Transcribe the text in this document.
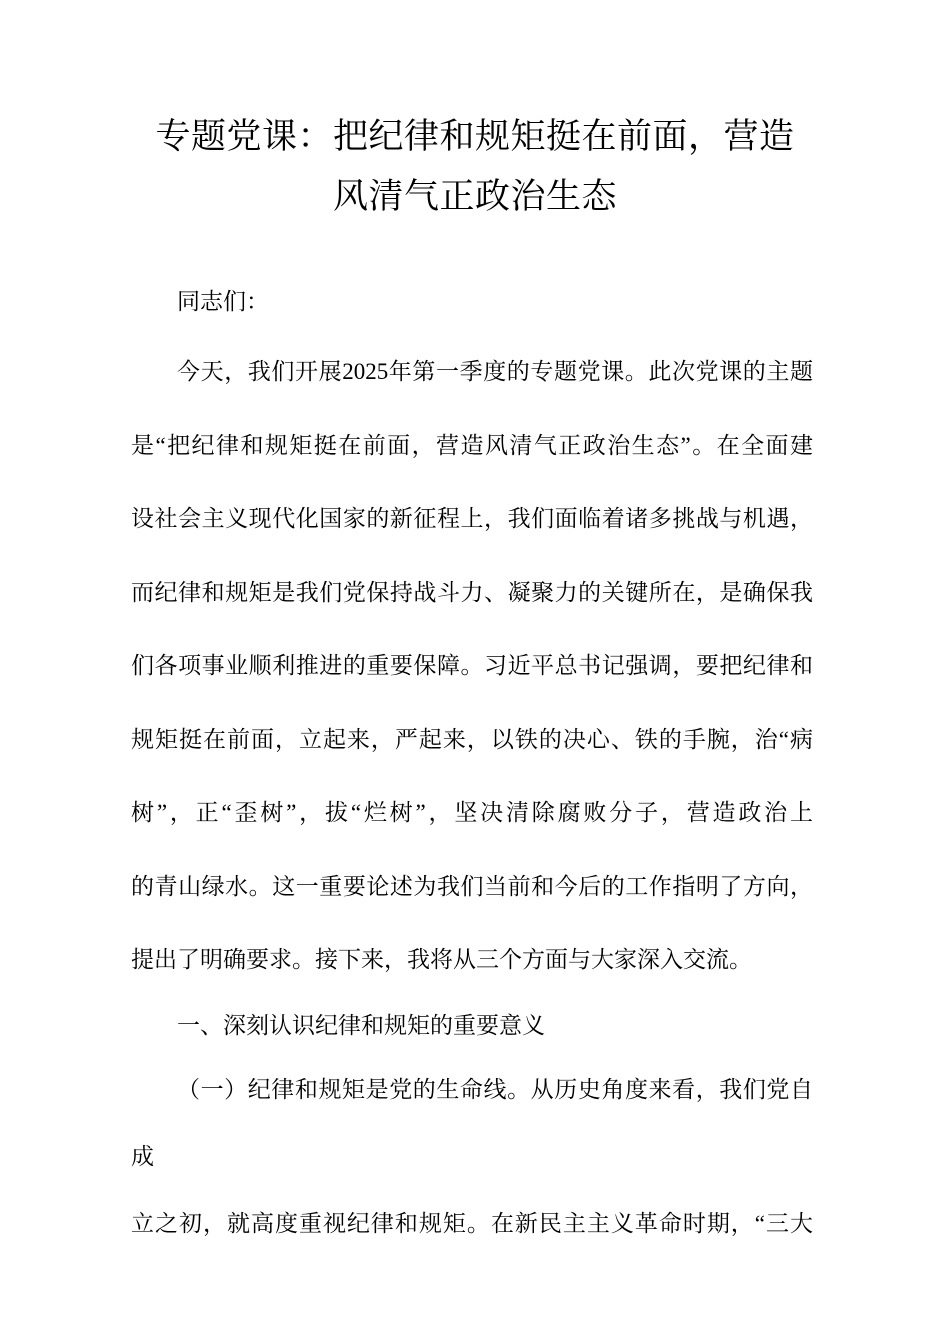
专题党课：把纪律和规矩挺在前面，营造
风清气正政治生态
同志们：
今天，我们开展2025年第一季度的专题党课。此次党课的主题
是“把纪律和规矩挺在前面，营造风清气正政治生态”。在全面建
设社会主义现代化国家的新征程上，我们面临着诸多挑战与机遇，
而纪律和规矩是我们党保持战斗力、凝聚力的关键所在，是确保我
们各项事业顺利推进的重要保障。习近平总书记强调，要把纪律和
规矩挺在前面，立起来，严起来，以铁的决心、铁的手腕，治“病
树”，正“歪树”，拔“烂树”，坚决清除腐败分子，营造政治上
的青山绿水。这一重要论述为我们当前和今后的工作指明了方向，
提出了明确要求。接下来，我将从三个方面与大家深入交流。
一、深刻认识纪律和规矩的重要意义
（一）纪律和规矩是党的生命线。从历史角度来看，我们党自成
立之初，就高度重视纪律和规矩。在新民主主义革命时期，“三大
